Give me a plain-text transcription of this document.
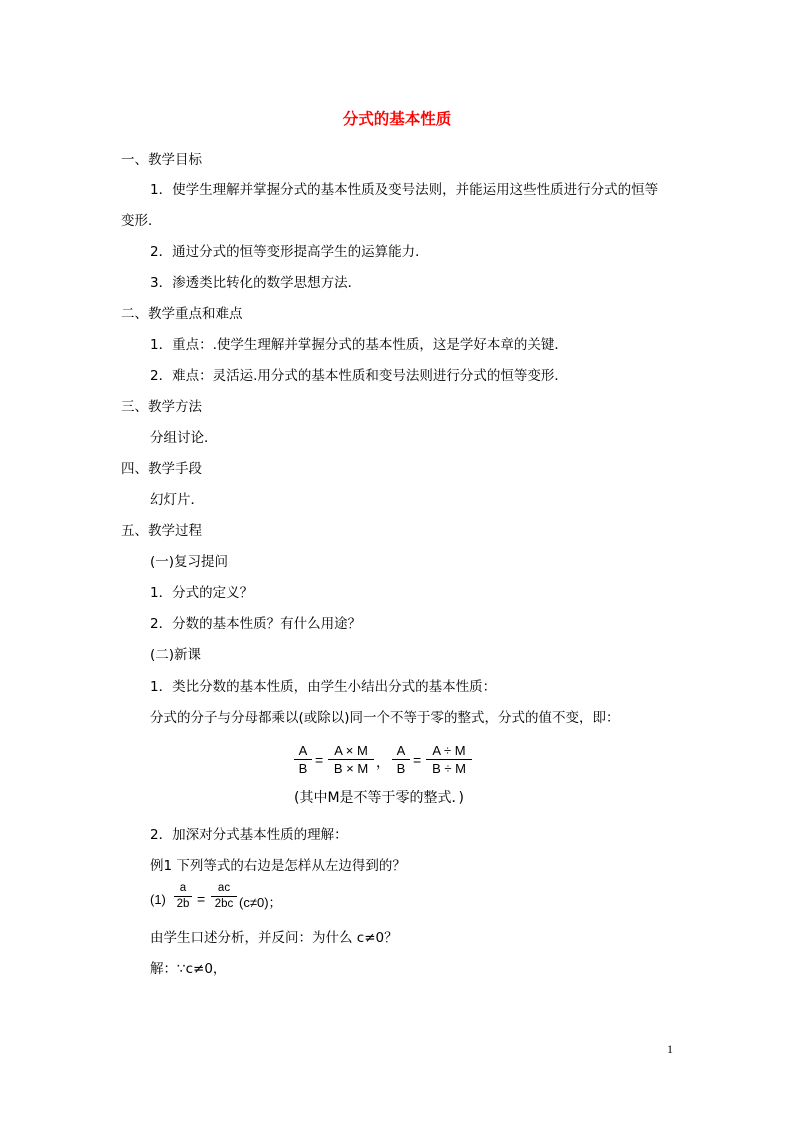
分式的基本性质
一、教学目标
1．使学生理解并掌握分式的基本性质及变号法则，并能运用这些性质进行分式的恒等
变形．
2．通过分式的恒等变形提高学生的运算能力．
3．渗透类比转化的数学思想方法．
二、教学重点和难点
1．重点：.使学生理解并掌握分式的基本性质，这是学好本章的关键．
2．难点：灵活运.用分式的基本性质和变号法则进行分式的恒等变形．
三、教学方法
分组讨论．
四、教学手段
幻灯片．
五、教学过程
(一)复习提问
1．分式的定义？
2．分数的基本性质？有什么用途？
(二)新课
1．类比分数的基本性质，由学生小结出分式的基本性质：
分式的分子与分母都乘以(或除以)同一个不等于零的整式，分式的值不变，即：
A
B
=
A × M
B × M ，
A
B
=
A ÷ M
B ÷ M
(其中M是不等于零的整式．)
2．加深对分式基本性质的理解：
例1 下列等式的右边是怎样从左边得到的？
(1)
a
2b =
ac
2bc (c≠0)；
由学生口述分析，并反问：为什么 c≠0？
解：∵c≠0，
1
